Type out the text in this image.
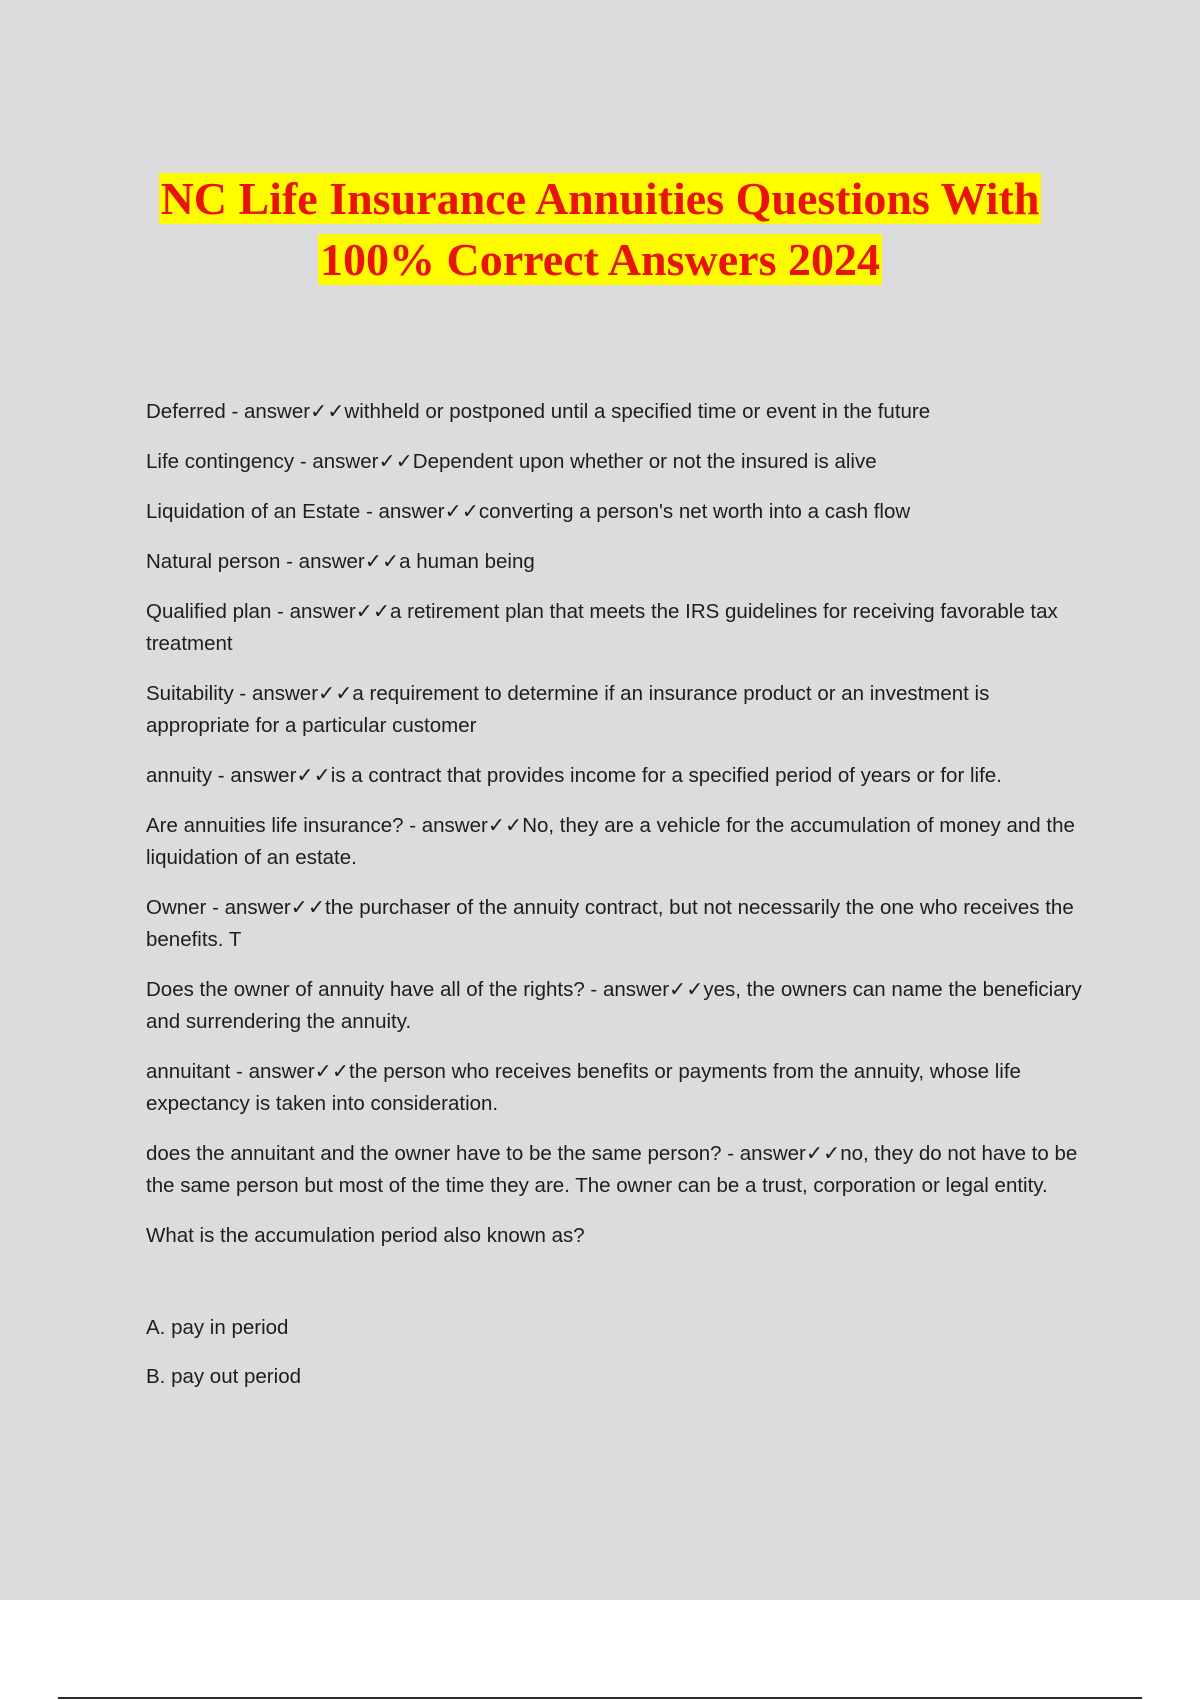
NC Life Insurance Annuities Questions With
100% Correct Answers 2024

Deferred - answer✓✓withheld or postponed until a specified time or event in the future

Life contingency - answer✓✓Dependent upon whether or not the insured is alive

Liquidation of an Estate - answer✓✓converting a person's net worth into a cash flow

Natural person - answer✓✓a human being

Qualified plan - answer✓✓a retirement plan that meets the IRS guidelines for receiving favorable tax treatment

Suitability - answer✓✓a requirement to determine if an insurance product or an investment is appropriate for a particular customer

annuity - answer✓✓is a contract that provides income for a specified period of years or for life.

Are annuities life insurance? - answer✓✓No, they are a vehicle for the accumulation of money and the liquidation of an estate.

Owner - answer✓✓the purchaser of the annuity contract, but not necessarily the one who receives the benefits. T

Does the owner of annuity have all of the rights? - answer✓✓yes, the owners can name the beneficiary and surrendering the annuity.

annuitant - answer✓✓the person who receives benefits or payments from the annuity, whose life expectancy is taken into consideration.

does the annuitant and the owner have to be the same person? - answer✓✓no, they do not have to be the same person but most of the time they are. The owner can be a trust, corporation or legal entity.

What is the accumulation period also known as?

A. pay in period

B. pay out period
